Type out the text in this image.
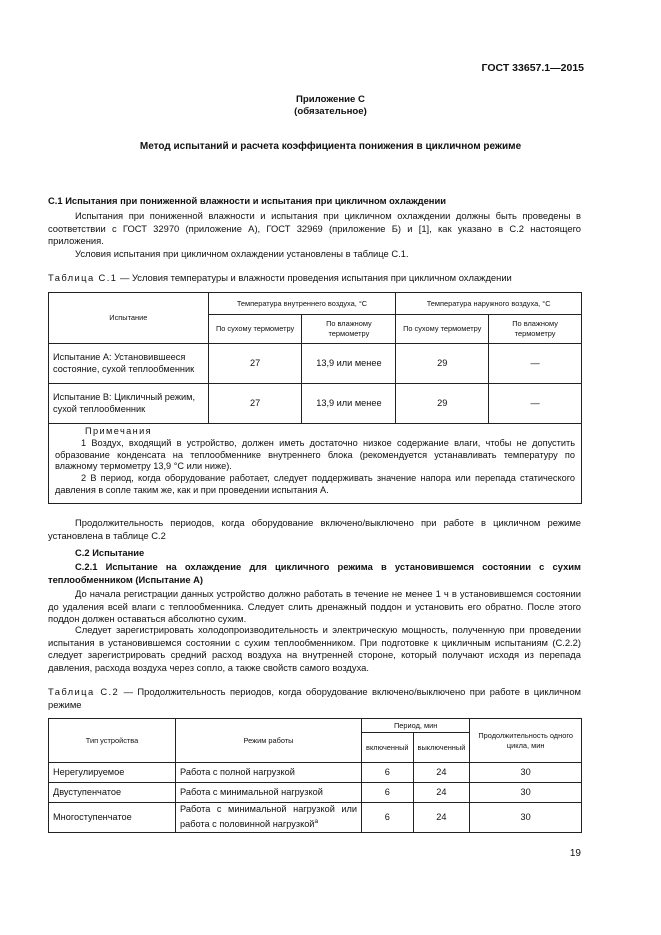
ГОСТ 33657.1—2015
Приложение С
(обязательное)
Метод испытаний и расчета коэффициента понижения в цикличном режиме
С.1 Испытания при пониженной влажности и испытания при цикличном охлаждении
Испытания при пониженной влажности и испытания при цикличном охлаждении должны быть проведены в соответствии с ГОСТ 32970 (приложение А), ГОСТ 32969 (приложение Б) и [1], как указано в С.2 настоящего приложения.
Условия испытания при цикличном охлаждении установлены в таблице С.1.
Таблица С.1 — Условия температуры и влажности проведения испытания при цикличном охлаждении
Испытание	Температура внутреннего воздуха, °С		Температура наружного воздуха, °С	
	По сухому термометру	По влажному термометру	По сухому термометру	По влажному термометру
Испытание А: Установившееся состояние, сухой теплообменник	27	13,9 или менее	29	—
Испытание В: Цикличный режим, сухой теплообменник	27	13,9 или менее	29	—

Примечания
1 Воздух, входящий в устройство, должен иметь достаточно низкое содержание влаги, чтобы не допустить образование конденсата на теплообменнике внутреннего блока (рекомендуется устанавливать температуру по влажному термометру 13,9 °С или ниже).
2 В период, когда оборудование работает, следует поддерживать значение напора или перепада статического давления в сопле таким же, как и при проведении испытания А.				
Продолжительность периодов, когда оборудование включено/выключено при работе в цикличном режиме установлена в таблице С.2
С.2 Испытание
С.2.1 Испытание на охлаждение для цикличного режима в установившемся состоянии с сухим теплообменником (Испытание А)
До начала регистрации данных устройство должно работать в течение не менее 1 ч в установившемся состоянии до удаления всей влаги с теплообменника. Следует слить дренажный поддон и установить его обратно. После этого поддон должен оставаться абсолютно сухим.
Следует зарегистрировать холодопроизводительность и электрическую мощность, полученную при проведении испытания в установившемся состоянии с сухим теплообменником. При подготовке к цикличным испытаниям (С.2.2) следует зарегистрировать средний расход воздуха на внутренней стороне, который получают исходя из перепада давления, расхода воздуха через сопло, а также свойств самого воздуха.
Таблица С.2 — Продолжительность периодов, когда оборудование включено/выключено при работе в цикличном режиме
Тип устройства	Режим работы	Период, мин		Продолжительность одного цикла, мин
		включенный	выключенный	
Нерегулируемое	Работа с полной нагрузкой	6	24	30
Двуступенчатое	Работа с минимальной нагрузкой	6	24	30
Многоступенчатое	Работа с минимальной нагрузкой или работа с половинной нагрузкой$^a$	6	24	30
19
